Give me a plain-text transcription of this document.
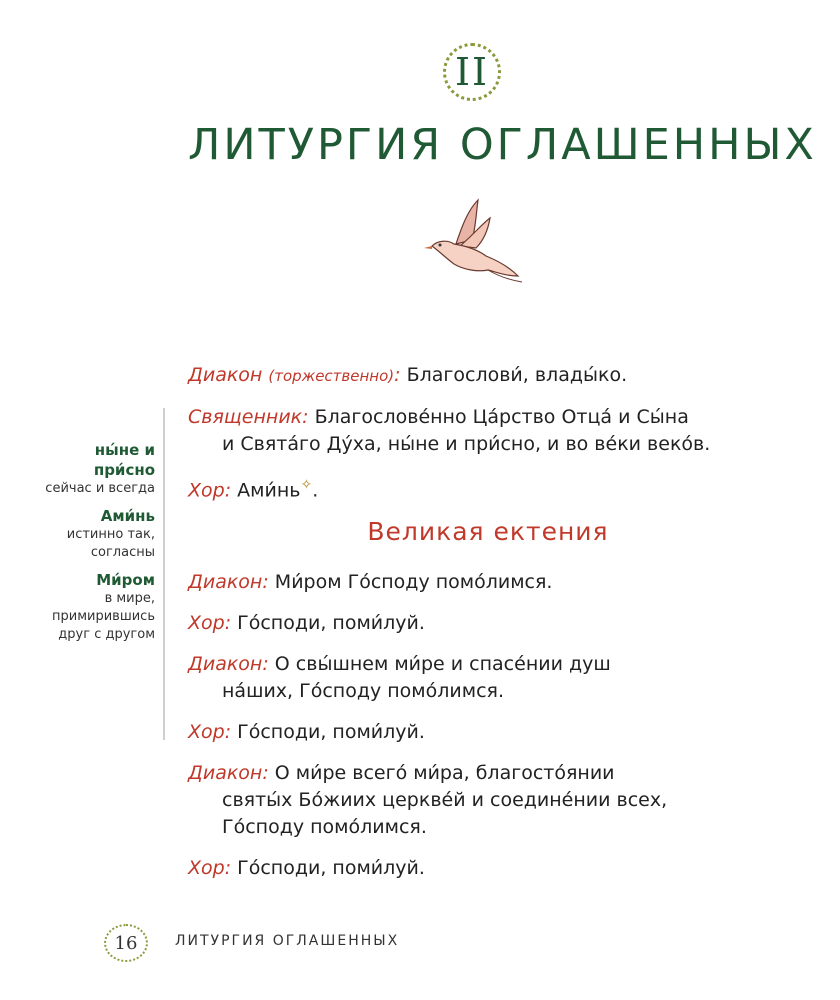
II
ЛИТУРГИЯ ОГЛАШЕННЫХ
ны́не и при́сно
сейчас и всегда
Ами́нь
истинно так, согласны
Ми́ром
в мире, примирившись друг с другом
Диакон (торжественно): Благослови́, влады́ко.
Священник: Благослове́нно Ца́рство Отца́ и Сы́на
и Свята́го Ду́ха, ны́не и при́сно, и во ве́ки веко́в.
Хор: Ами́нь✧.
Великая ектения
Диакон: Ми́ром Го́споду помо́лимся.
Хор: Го́споди, поми́луй.
Диакон: О свы́шнем ми́ре и спасе́нии душ
на́ших, Го́споду помо́лимся.
Хор: Го́споди, поми́луй.
Диакон: О ми́ре всего́ ми́ра, благосто́янии
святы́х Бо́жиих церкве́й и соедине́нии всех,
Го́споду помо́лимся.
Хор: Го́споди, поми́луй.
16	ЛИТУРГИЯ ОГЛАШЕННЫХ
